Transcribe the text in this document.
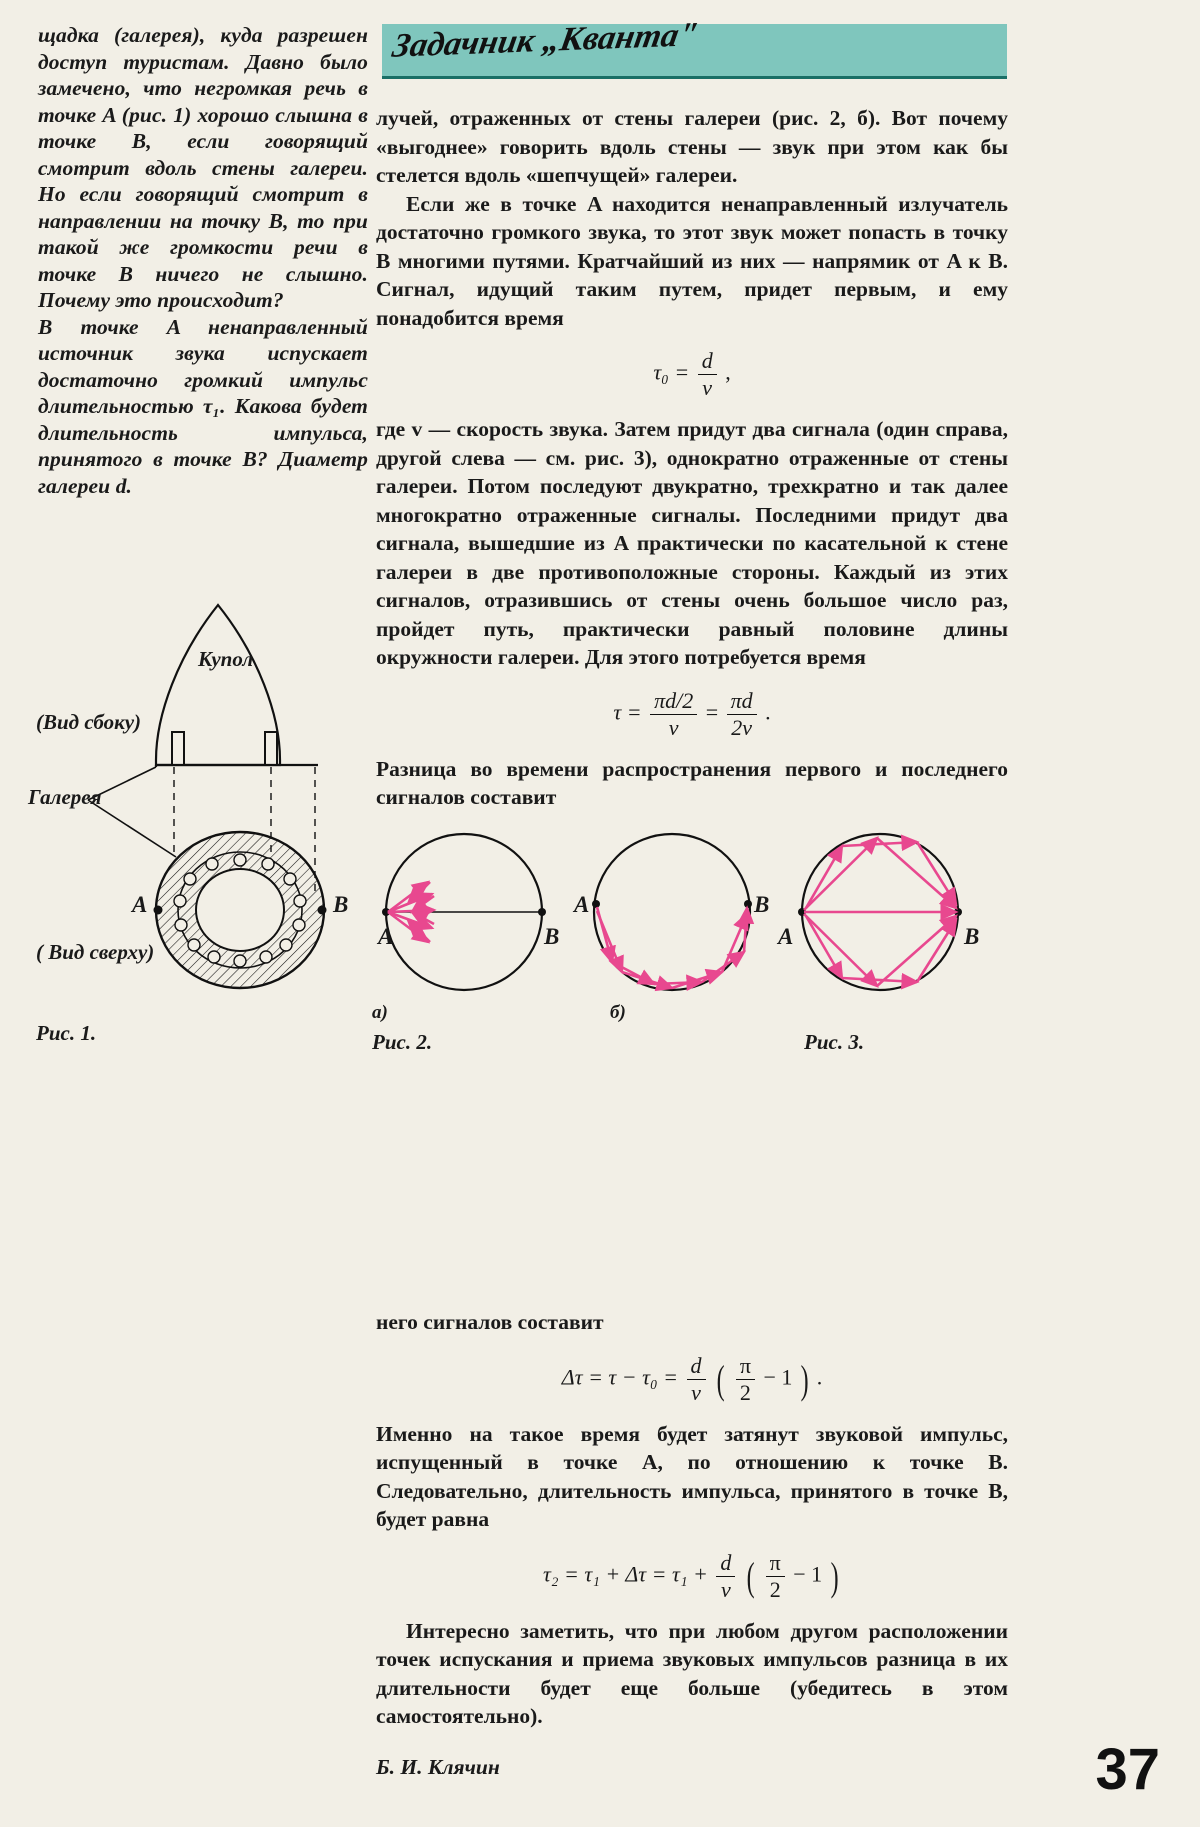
Задачник „Кванта"

щадка (галерея), куда разрешен доступ туристам. Давно было замечено, что негромкая речь в точке A (рис. 1) хорошо слышна в точке B, если говорящий смотрит вдоль стены галереи. Но если говорящий смотрит в направлении на точку B, то при такой же громкости речи в точке B ничего не слышно. Почему это происходит?

В точке A ненаправленный источник звука испускает достаточно громкий импульс длительностью τ₁. Какова будет длительность импульса, принятого в точке B? Диаметр галереи d.

лучей, отраженных от стены галереи (рис. 2, б). Вот почему «выгоднее» говорить вдоль стены — звук при этом как бы стелется вдоль «шепчущей» галереи.

Если же в точке A находится ненаправленный излучатель достаточно громкого звука, то этот звук может попасть в точку B многими путями. Кратчайший из них — напрямик от A к B. Сигнал, идущий таким путем, придет первым, и ему понадобится время

$\tau_0 = \frac{d}{v}$ ,

где v — скорость звука. Затем придут два сигнала (один справа, другой слева — см. рис. 3), однократно отраженные от стены галереи. Потом последуют двукратно, трехкратно и так далее многократно отраженные сигналы. Последними придут два сигнала, вышедшие из A практически по касательной к стене галереи в две противоположные стороны. Каждый из этих сигналов, отразившись от стены очень большое число раз, пройдет путь, практически равный половине длины окружности галереи. Для этого потребуется время

$\tau = \frac{\pi d/2}{v} = \frac{\pi d}{2v}$ .

Разница во времени распространения первого и последнего сигналов составит

(Вид сбоку)
Купол
Галерея
( Вид сверху)
A	B
Рис. 1.
A	B
A	B
A	B
а)	б)
Рис. 2.	Рис. 3.

него сигналов составит

$\Delta\tau = \tau - \tau_0 = \frac{d}{v}$ ( $\frac{\pi}{2} - 1$ ) .

Именно на такое время будет затянут звуковой импульс, испущенный в точке A, по отношению к точке B. Следовательно, длительность импульса, принятого в точке B, будет равна

$\tau_2 = \tau_1 + \Delta\tau = \tau_1 + \frac{d}{v}$ ( $\frac{\pi}{2} - 1$ )

Интересно заметить, что при любом другом расположении точек испускания и приема звуковых импульсов разница в их длительности будет еще больше (убедитесь в этом самостоятельно).

Б. И. Клячин	37
